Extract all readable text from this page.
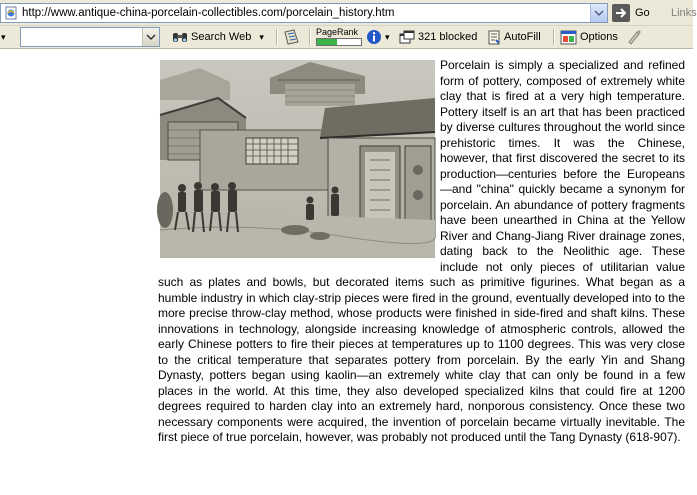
http://www.antique-china-porcelain-collectibles.com/porcelain_history.htm	Go Links
▾	Search Web ▾	PageRank	▾	321 blocked AutoFill	Options
Porcelain is simply a specialized and refined form of pottery, composed of extremely white clay that is fired at a very high temperature. Pottery itself is an art that has been practiced by diverse cultures throughout the world since prehistoric times. It was the Chinese, however, that first discovered the secret to its production—centuries before the Europeans—and "china" quickly became a synonym for porcelain. An abundance of pottery fragments have been unearthed in China at the Yellow River and Chang-Jiang River drainage zones, dating back to the Neolithic age. These include not only pieces of utilitarian value such as plates and bowls, but decorated items such as primitive figurines. What began as a humble industry in which clay-strip pieces were fired in the ground, eventually developed into to the more precise throw-clay method, whose products were finished in side-fired and shaft kilns. These innovations in technology, alongside increasing knowledge of atmospheric controls, allowed the early Chinese potters to fire their pieces at temperatures up to 1100 degrees. This was very close to the critical temperature that separates pottery from porcelain. By the early Yin and Shang Dynasty, potters began using kaolin—an extremely white clay that can only be found in a few places in the world. At this time, they also developed specialized kilns that could fire at 1200 degrees required to harden clay into an extremely hard, nonporous consistency. Once these two necessary components were acquired, the invention of porcelain became virtually inevitable. The first piece of true porcelain, however, was probably not produced until the Tang Dynasty (618-907).
